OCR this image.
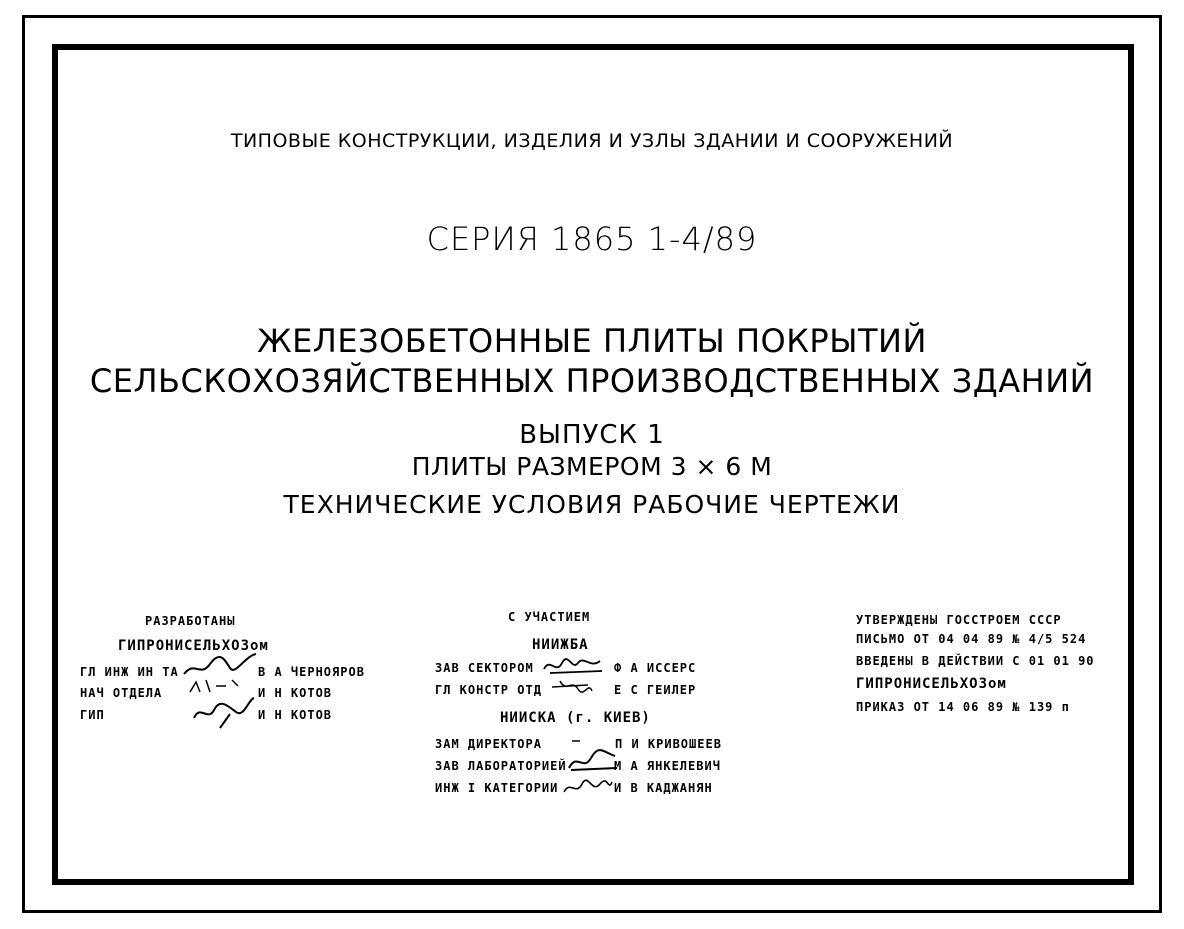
ТИПОВЫЕ КОНСТРУКЦИИ, ИЗДЕЛИЯ И УЗЛЫ ЗДАНИИ И СООРУЖЕНИЙ
СЕРИЯ 1865 1-4/89
ЖЕЛЕЗОБЕТОННЫЕ ПЛИТЫ ПОКРЫТИЙ
СЕЛЬСКОХОЗЯЙСТВЕННЫХ ПРОИЗВОДСТВЕННЫХ ЗДАНИЙ
ВЫПУСК 1
ПЛИТЫ РАЗМЕРОМ 3 × 6 М
ТЕХНИЧЕСКИЕ УСЛОВИЯ РАБОЧИЕ ЧЕРТЕЖИ
РАЗРАБОТАНЫ
ГИПРОНИСЕЛЬХОЗом
ГЛ ИНЖ ИН ТА	В А ЧЕРНОЯРОВ
НАЧ ОТДЕЛА	И Н КОТОВ
ГИП	И Н КОТОВ
С УЧАСТИЕМ
НИИЖБА
ЗАВ СЕКТОРОМ	Ф А ИССЕРС
ГЛ КОНСТР ОТД	Е С ГЕИЛЕР
НИИСКА (г. КИЕВ)
ЗАМ ДИРЕКТОРА	П И КРИВОШЕЕВ
ЗАВ ЛАБОРАТОРИЕЙ	М А ЯНКЕЛЕВИЧ
ИНЖ I КАТЕГОРИИ	И В КАДЖАНЯН
УТВЕРЖДЕНЫ ГОССТРОЕМ СССР
ПИСЬМО ОТ 04 04 89 № 4/5 524
ВВЕДЕНЫ В ДЕЙСТВИИ С 01 01 90
ГИПРОНИСЕЛЬХОЗом
ПРИКАЗ ОТ 14 06 89 № 139 п
